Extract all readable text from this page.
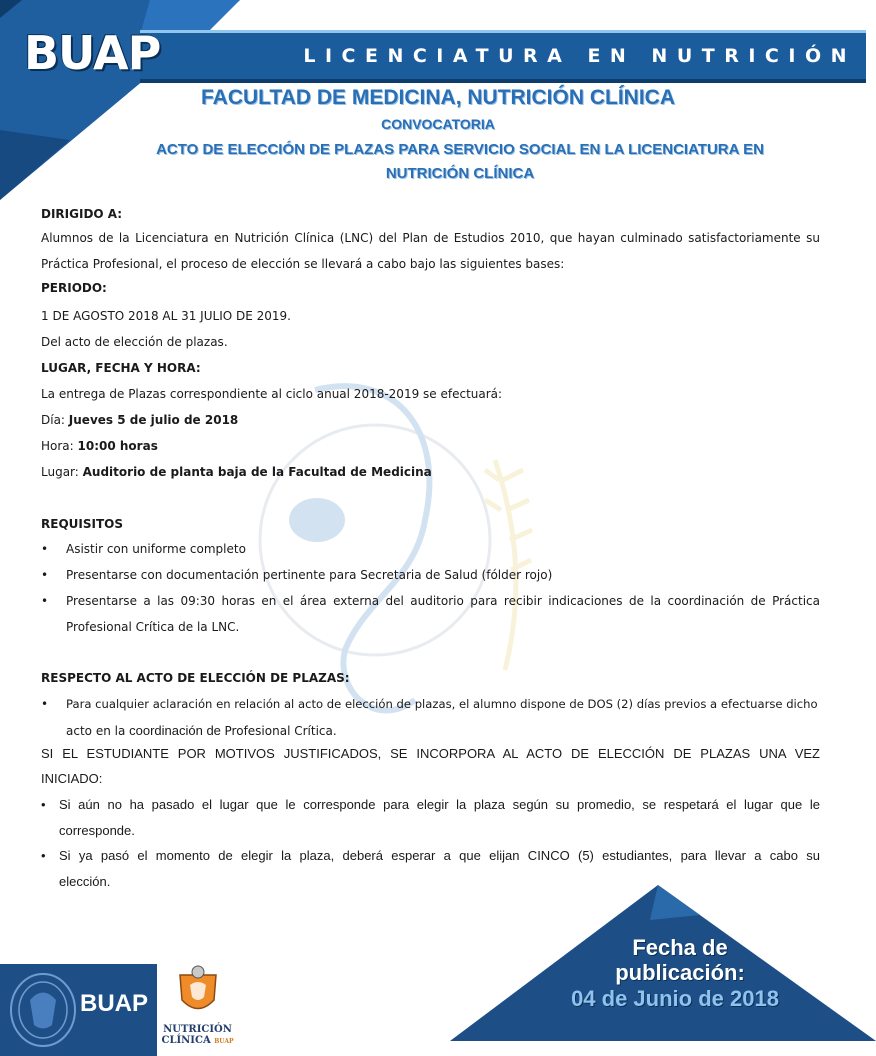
LICENCIATURA EN NUTRICIÓN CLÍNICA
BUAP
FACULTAD DE MEDICINA, NUTRICIÓN CLÍNICA
CONVOCATORIA
ACTO DE ELECCIÓN DE PLAZAS PARA SERVICIO SOCIAL EN LA LICENCIATURA EN NUTRICIÓN CLÍNICA
DIRIGIDO A:
Alumnos de la Licenciatura en Nutrición Clínica (LNC) del Plan de Estudios 2010, que hayan culminado satisfactoriamente su
Práctica Profesional, el proceso de elección se llevará a cabo bajo las siguientes bases:
PERIODO:
1 DE AGOSTO 2018 AL 31 JULIO DE 2019.
Del acto de elección de plazas.
LUGAR, FECHA Y HORA:
La entrega de Plazas correspondiente al ciclo anual 2018-2019 se efectuará:
Día: Jueves 5 de julio de 2018
Hora: 10:00 horas
Lugar: Auditorio de planta baja de la Facultad de Medicina
REQUISITOS
• Asistir con uniforme completo
• Presentarse con documentación pertinente para Secretaria de Salud (fólder rojo)
• Presentarse a las 09:30 horas en el área externa del auditorio para recibir indicaciones de la coordinación de Práctica
Profesional Crítica de la LNC.
RESPECTO AL ACTO DE ELECCIÓN DE PLAZAS:
• Para cualquier aclaración en relación al acto de elección de plazas, el alumno dispone de DOS (2) días previos a efectuarse dicho
acto en la coordinación de Profesional Crítica.
SI EL ESTUDIANTE POR MOTIVOS JUSTIFICADOS, SE INCORPORA AL ACTO DE ELECCIÓN DE PLAZAS UNA VEZ
INICIADO:
• Si aún no ha pasado el lugar que le corresponde para elegir la plaza según su promedio, se respetará el lugar que le
corresponde.
• Si ya pasó el momento de elegir la plaza, deberá esperar a que elijan CINCO (5) estudiantes, para llevar a cabo su
elección.
Fecha de
publicación:
04 de Junio de 2018
BUAP
NUTRICIÓN
CLÍNICA BUAP
